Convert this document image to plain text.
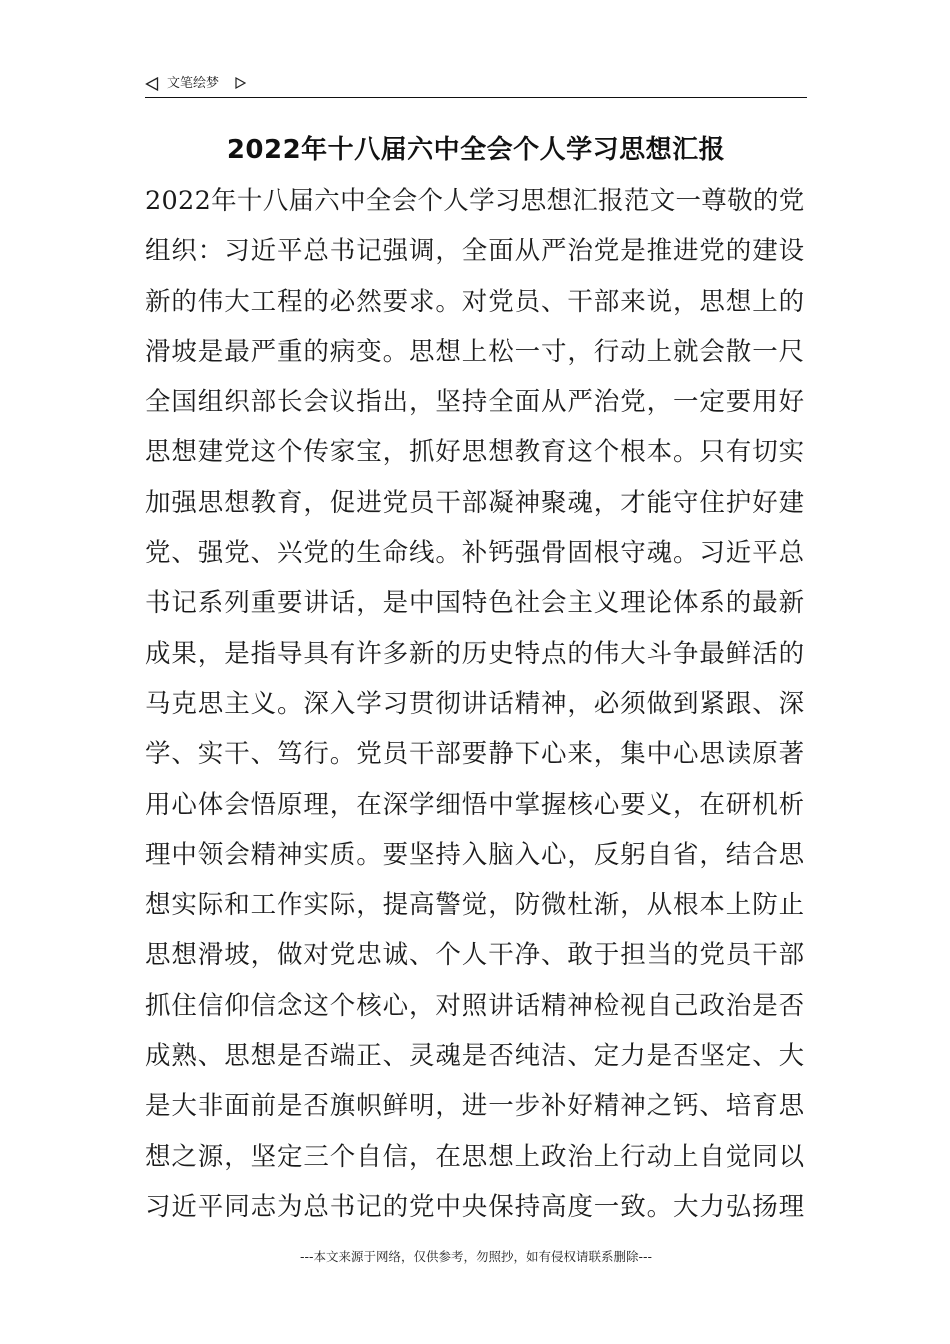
文笔绘梦
2022年十八届六中全会个人学习思想汇报
2022年十八届六中全会个人学习思想汇报范文一尊敬的党
组织：习近平总书记强调，全面从严治党是推进党的建设
新的伟大工程的必然要求。对党员、干部来说，思想上的
滑坡是最严重的病变。思想上松一寸，行动上就会散一尺
全国组织部长会议指出，坚持全面从严治党，一定要用好
思想建党这个传家宝，抓好思想教育这个根本。只有切实
加强思想教育，促进党员干部凝神聚魂，才能守住护好建
党、强党、兴党的生命线。补钙强骨固根守魂。习近平总
书记系列重要讲话，是中国特色社会主义理论体系的最新
成果，是指导具有许多新的历史特点的伟大斗争最鲜活的
马克思主义。深入学习贯彻讲话精神，必须做到紧跟、深
学、实干、笃行。党员干部要静下心来，集中心思读原著
用心体会悟原理，在深学细悟中掌握核心要义，在研机析
理中领会精神实质。要坚持入脑入心，反躬自省，结合思
想实际和工作实际，提高警觉，防微杜渐，从根本上防止
思想滑坡，做对党忠诚、个人干净、敢于担当的党员干部
抓住信仰信念这个核心，对照讲话精神检视自己政治是否
成熟、思想是否端正、灵魂是否纯洁、定力是否坚定、大
是大非面前是否旗帜鲜明，进一步补好精神之钙、培育思
想之源，坚定三个自信，在思想上政治上行动上自觉同以
习近平同志为总书记的党中央保持高度一致。大力弘扬理
---本文来源于网络，仅供参考，勿照抄，如有侵权请联系删除---
